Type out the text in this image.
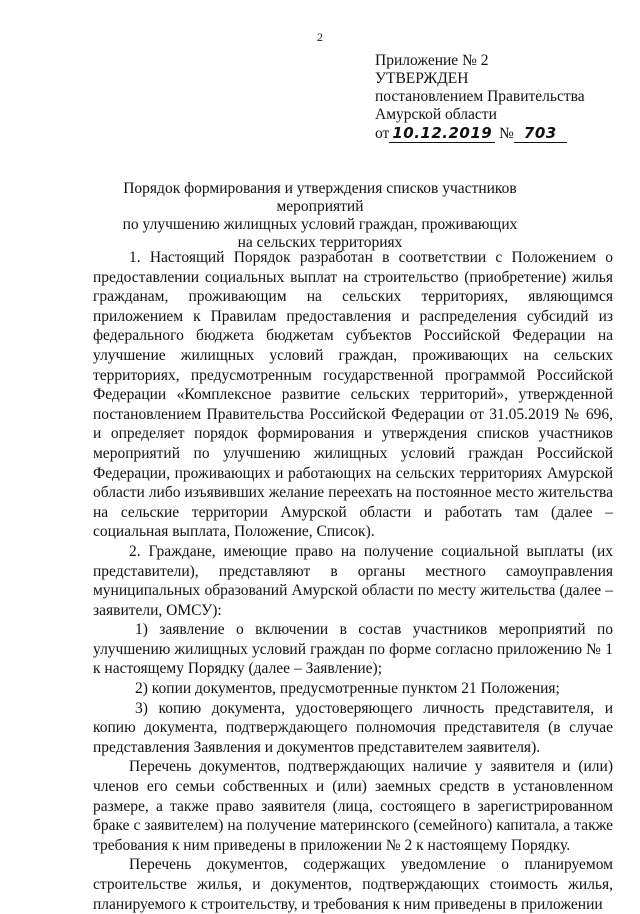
2
Приложение № 2
УТВЕРЖДЕН
постановлением Правительства
Амурской области
от 10.12.2019 № 703
Порядок формирования и утверждения списков участников мероприятий
по улучшению жилищных условий граждан, проживающих
на сельских территориях

1. Настоящий Порядок разработан в соответствии с Положением о предоставлении социальных выплат на строительство (приобретение) жилья гражданам, проживающим на сельских территориях, являющимся приложением к Правилам предоставления и распределения субсидий из федерального бюджета бюджетам субъектов Российской Федерации на улучшение жилищных условий граждан, проживающих на сельских территориях, предусмотренным государственной программой Российской Федерации «Комплексное развитие сельских территорий», утвержденной постановлением Правительства Российской Федерации от 31.05.2019 № 696, и определяет порядок формирования и утверждения списков участников мероприятий по улучшению жилищных условий граждан Российской Федерации, проживающих и работающих на сельских территориях Амурской области либо изъявивших желание переехать на постоянное место жительства на сельские территории Амурской области и работать там (далее – социальная выплата, Положение, Список).

2. Граждане, имеющие право на получение социальной выплаты (их представители), представляют в органы местного самоуправления муниципальных образований Амурской области по месту жительства (далее – заявители, ОМСУ):

1) заявление о включении в состав участников мероприятий по улучшению жилищных условий граждан по форме согласно приложению № 1 к настоящему Порядку (далее – Заявление);

2) копии документов, предусмотренные пунктом 21 Положения;

3) копию документа, удостоверяющего личность представителя, и копию документа, подтверждающего полномочия представителя (в случае представления Заявления и документов представителем заявителя).

Перечень документов, подтверждающих наличие у заявителя и (или) членов его семьи собственных и (или) заемных средств в установленном размере, а также право заявителя (лица, состоящего в зарегистрированном браке с заявителем) на получение материнского (семейного) капитала, а также требования к ним приведены в приложении № 2 к настоящему Порядку.

Перечень документов, содержащих уведомление о планируемом строительстве жилья, и документов, подтверждающих стоимость жилья, планируемого к строительству, и требования к ним приведены в приложении
